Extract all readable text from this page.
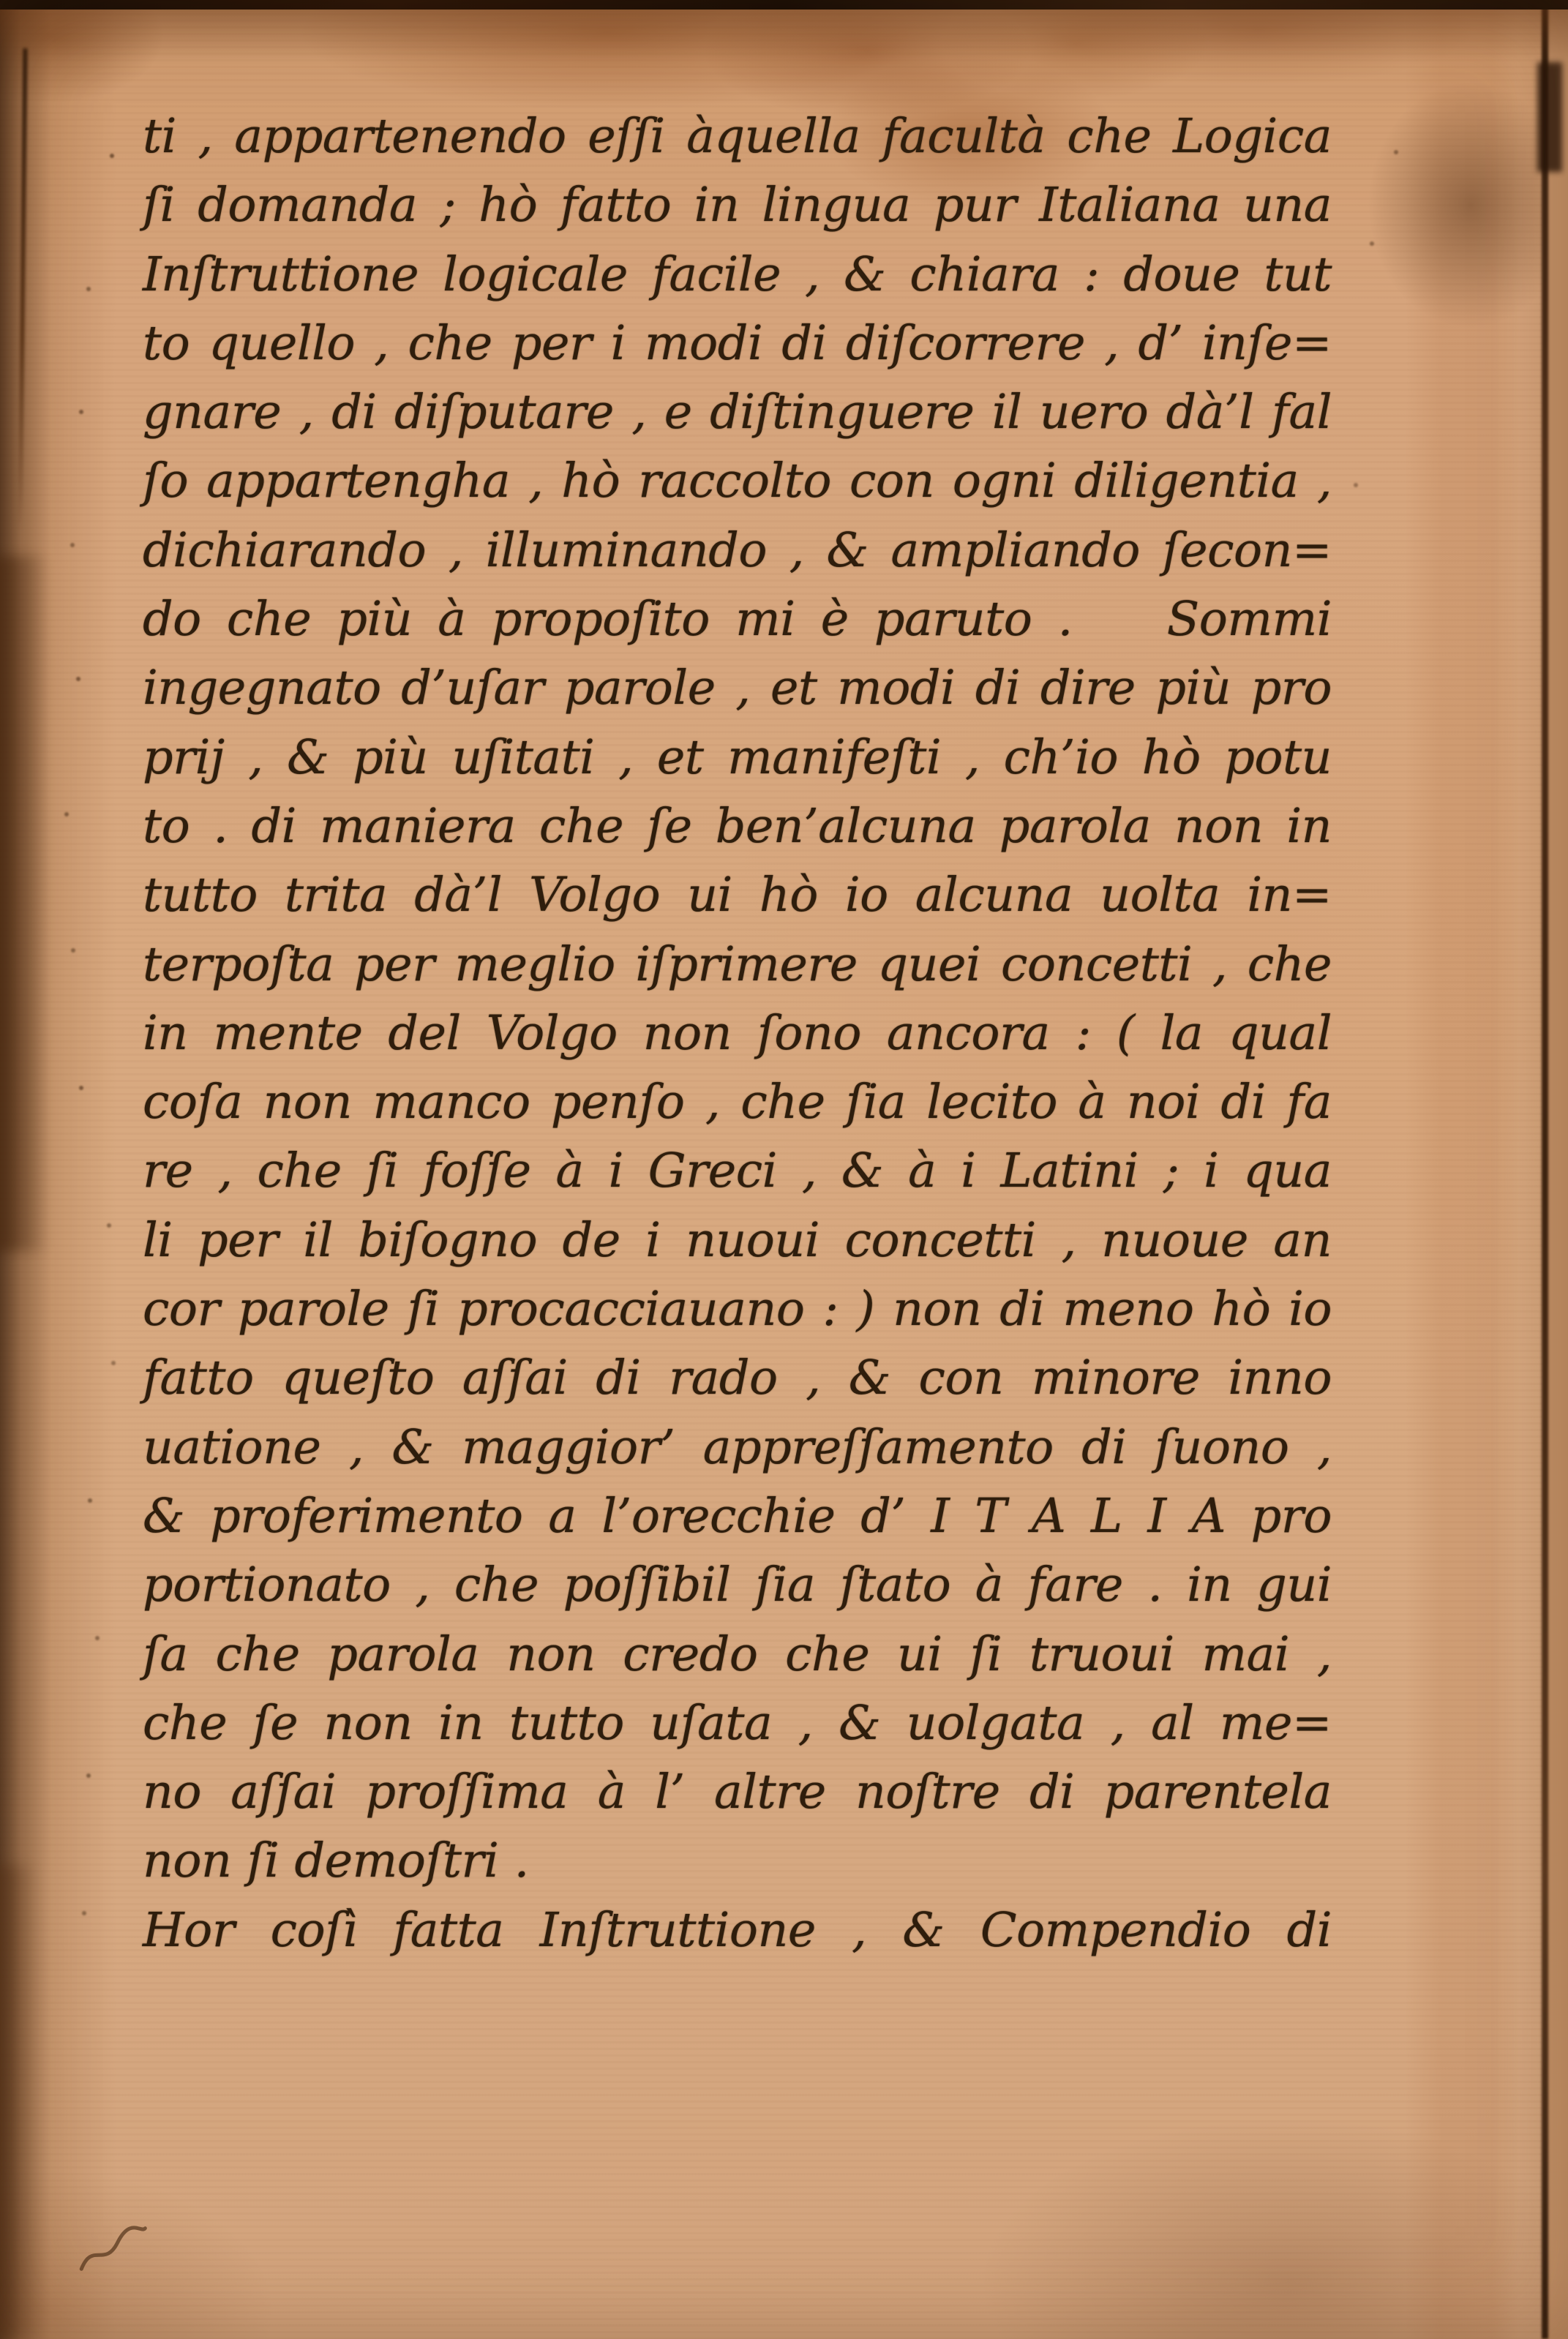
ti , appartenendo eſſi àquella facultà che Logica
ſi domanda ; hò fatto in lingua pur Italiana una
Inſtruttione logicale facile , & chiara : doue tut
to quello , che per i modi di diſcorrere , d’ inſe=
gnare , di diſputare , e diſtinguere il uero dà’l fal
ſo appartengha , hò raccolto con ogni diligentia ,
dichiarando , illuminando , & ampliando ſecon=
do che più à propoſito mi è paruto .  Sommi
ingegnato d’uſar parole , et modi di dire più pro
prij , & più uſitati , et manifeſti , ch’io hò potu
to . di maniera che ſe ben’alcuna parola non in
tutto trita dà’l Volgo ui hò io alcuna uolta in=
terpoſta per meglio iſprimere quei concetti , che
in mente del Volgo non ſono ancora : ( la qual
coſa non manco penſo , che ſia lecito à noi di fa
re , che ſi foſſe à i Greci , & à i Latini ; i qua
li per il biſogno de i nuoui concetti , nuoue an
cor parole ſi procacciauano : ) non di meno hò io
fatto queſto aſſai di rado , & con minore inno
uatione , & maggior’ appreſſamento di ſuono ,
& proferimento a l’orecchie d’ I T A L I A pro
portionato , che poſſibil ſia ſtato à fare . in gui
ſa che parola non credo che ui ſi truoui mai ,
che ſe non in tutto uſata , & uolgata , al me=
no aſſai proſſima à l’ altre noſtre di parentela
non ſi demoſtri .
Hor coſì fatta Inſtruttione , & Compendio di
